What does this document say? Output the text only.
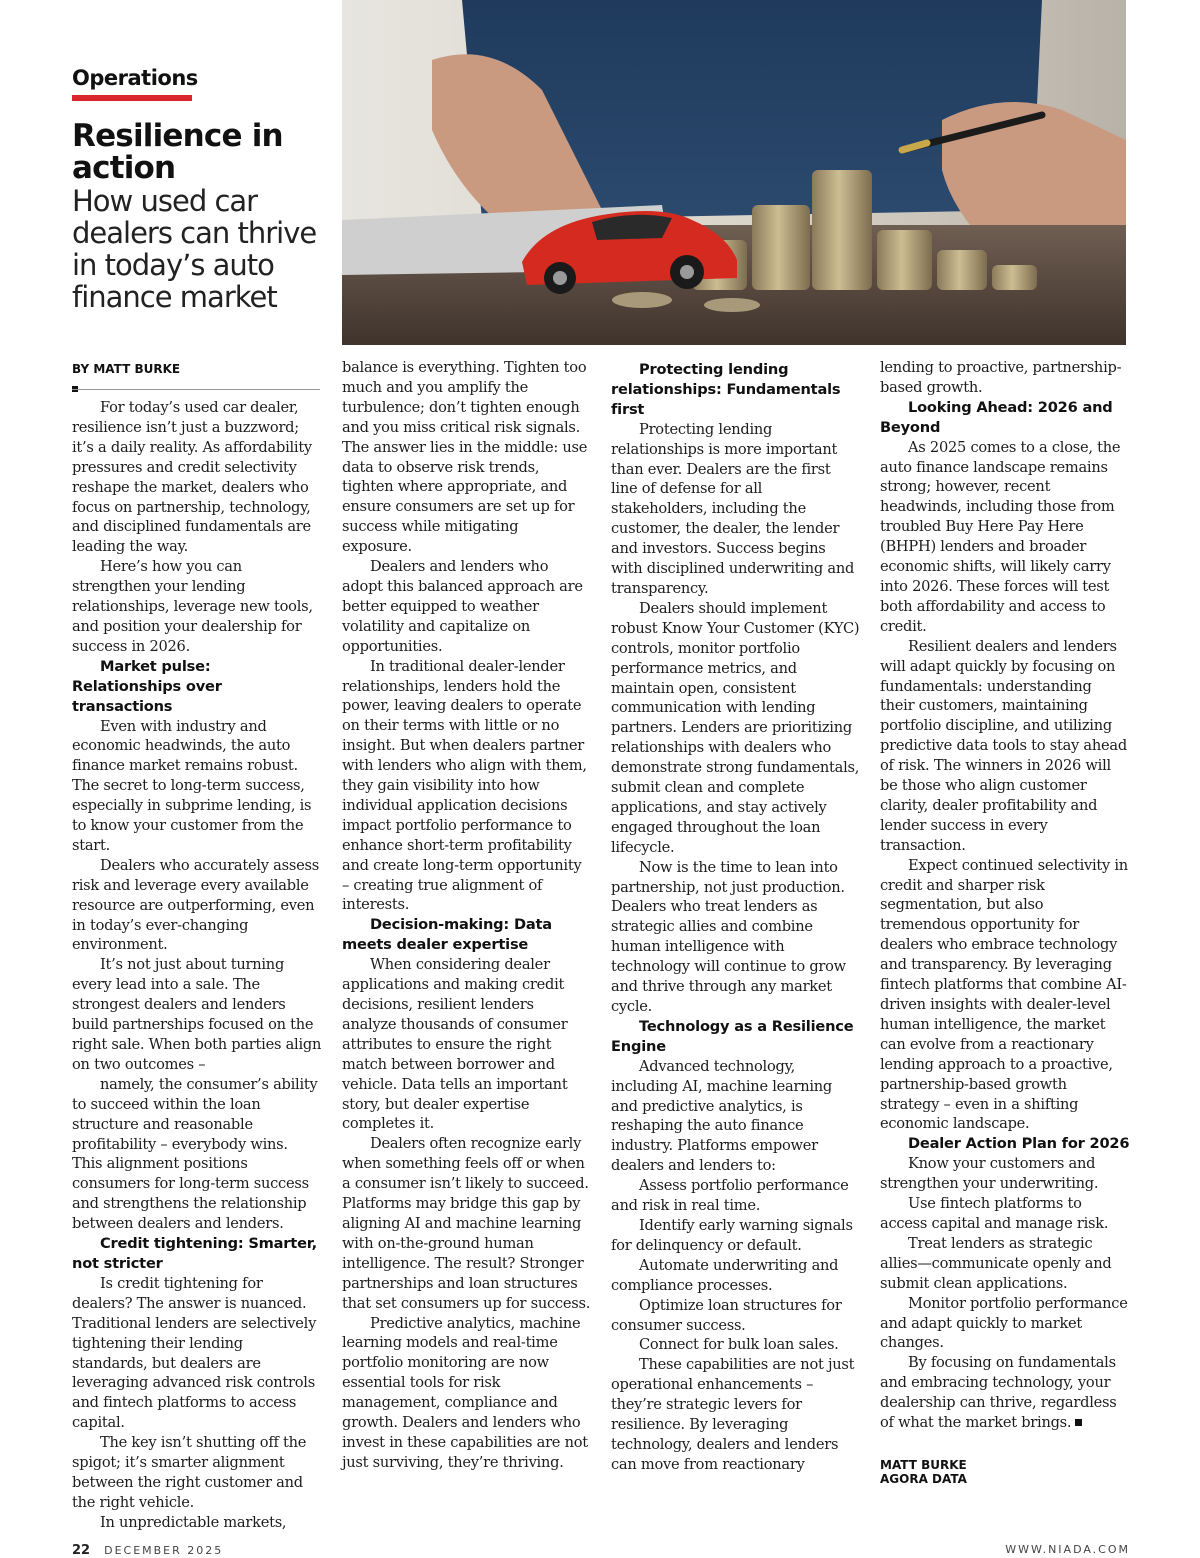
Operations
Resilience in action
How used car dealers can thrive in today’s auto finance market
BY MATT BURKE

For today’s used car dealer, resilience isn’t just a buzzword; it’s a daily reality. As affordability pressures and credit selectivity reshape the market, dealers who focus on partnership, technology, and disciplined fundamentals are leading the way.

Here’s how you can strengthen your lending relationships, leverage new tools, and position your dealership for success in 2026.

Market pulse: Relationships over transactions

Even with industry and economic headwinds, the auto finance market remains robust. The secret to long-term success, especially in subprime lending, is to know your customer from the start.

Dealers who accurately assess risk and leverage every available resource are outperforming, even in today’s ever-changing environment.

It’s not just about turning every lead into a sale. The strongest dealers and lenders build partnerships focused on the right sale. When both parties align on two outcomes –

namely, the consumer’s ability to succeed within the loan structure and reasonable profitability – everybody wins. This alignment positions consumers for long-term success and strengthens the relationship between dealers and lenders.

Credit tightening: Smarter, not stricter

Is credit tightening for dealers? The answer is nuanced. Traditional lenders are selectively tightening their lending standards, but dealers are leveraging advanced risk controls and fintech platforms to access capital.

The key isn’t shutting off the spigot; it’s smarter alignment between the right customer and the right vehicle.

In unpredictable markets,

balance is everything. Tighten too much and you amplify the turbulence; don’t tighten enough and you miss critical risk signals. The answer lies in the middle: use data to observe risk trends, tighten where appropriate, and ensure consumers are set up for success while mitigating exposure.

Dealers and lenders who adopt this balanced approach are better equipped to weather volatility and capitalize on opportunities.

In traditional dealer-lender relationships, lenders hold the power, leaving dealers to operate on their terms with little or no insight. But when dealers partner with lenders who align with them, they gain visibility into how individual application decisions impact portfolio performance to enhance short-term profitability and create long-term opportunity – creating true alignment of interests.

Decision-making: Data meets dealer expertise

When considering dealer applications and making credit decisions, resilient lenders analyze thousands of consumer attributes to ensure the right match between borrower and vehicle. Data tells an important story, but dealer expertise completes it.

Dealers often recognize early when something feels off or when a consumer isn’t likely to succeed. Platforms may bridge this gap by aligning AI and machine learning with on-the-ground human intelligence. The result? Stronger partnerships and loan structures that set consumers up for success.

Predictive analytics, machine learning models and real-time portfolio monitoring are now essential tools for risk management, compliance and growth. Dealers and lenders who invest in these capabilities are not just surviving, they’re thriving.

Protecting lending relationships: Fundamentals first

Protecting lending relationships is more important than ever. Dealers are the first line of defense for all stakeholders, including the customer, the dealer, the lender and investors. Success begins with disciplined underwriting and transparency.

Dealers should implement robust Know Your Customer (KYC) controls, monitor portfolio performance metrics, and maintain open, consistent communication with lending partners. Lenders are prioritizing relationships with dealers who demonstrate strong fundamentals, submit clean and complete applications, and stay actively engaged throughout the loan lifecycle.

Now is the time to lean into partnership, not just production. Dealers who treat lenders as strategic allies and combine human intelligence with technology will continue to grow and thrive through any market cycle.

Technology as a Resilience Engine

Advanced technology, including AI, machine learning and predictive analytics, is reshaping the auto finance industry. Platforms empower dealers and lenders to:

Assess portfolio performance and risk in real time.

Identify early warning signals for delinquency or default.

Automate underwriting and compliance processes.

Optimize loan structures for consumer success.

Connect for bulk loan sales.

These capabilities are not just operational enhancements – they’re strategic levers for resilience. By leveraging technology, dealers and lenders can move from reactionary

lending to proactive, partnership-based growth.

Looking Ahead: 2026 and Beyond

As 2025 comes to a close, the auto finance landscape remains strong; however, recent headwinds, including those from troubled Buy Here Pay Here (BHPH) lenders and broader economic shifts, will likely carry into 2026. These forces will test both affordability and access to credit.

Resilient dealers and lenders will adapt quickly by focusing on fundamentals: understanding their customers, maintaining portfolio discipline, and utilizing predictive data tools to stay ahead of risk. The winners in 2026 will be those who align customer clarity, dealer profitability and lender success in every transaction.

Expect continued selectivity in credit and sharper risk segmentation, but also tremendous opportunity for dealers who embrace technology and transparency. By leveraging fintech platforms that combine AI-driven insights with dealer-level human intelligence, the market can evolve from a reactionary lending approach to a proactive, partnership-based growth strategy – even in a shifting economic landscape.

Dealer Action Plan for 2026

Know your customers and strengthen your underwriting.

Use fintech platforms to access capital and manage risk.

Treat lenders as strategic allies—communicate openly and submit clean applications.

Monitor portfolio performance and adapt quickly to market changes.

By focusing on fundamentals and embracing technology, your dealership can thrive, regardless of what the market brings.

MATT BURKE
AGORA DATA
22 DECEMBER 2025	WWW.NIADA.COM
